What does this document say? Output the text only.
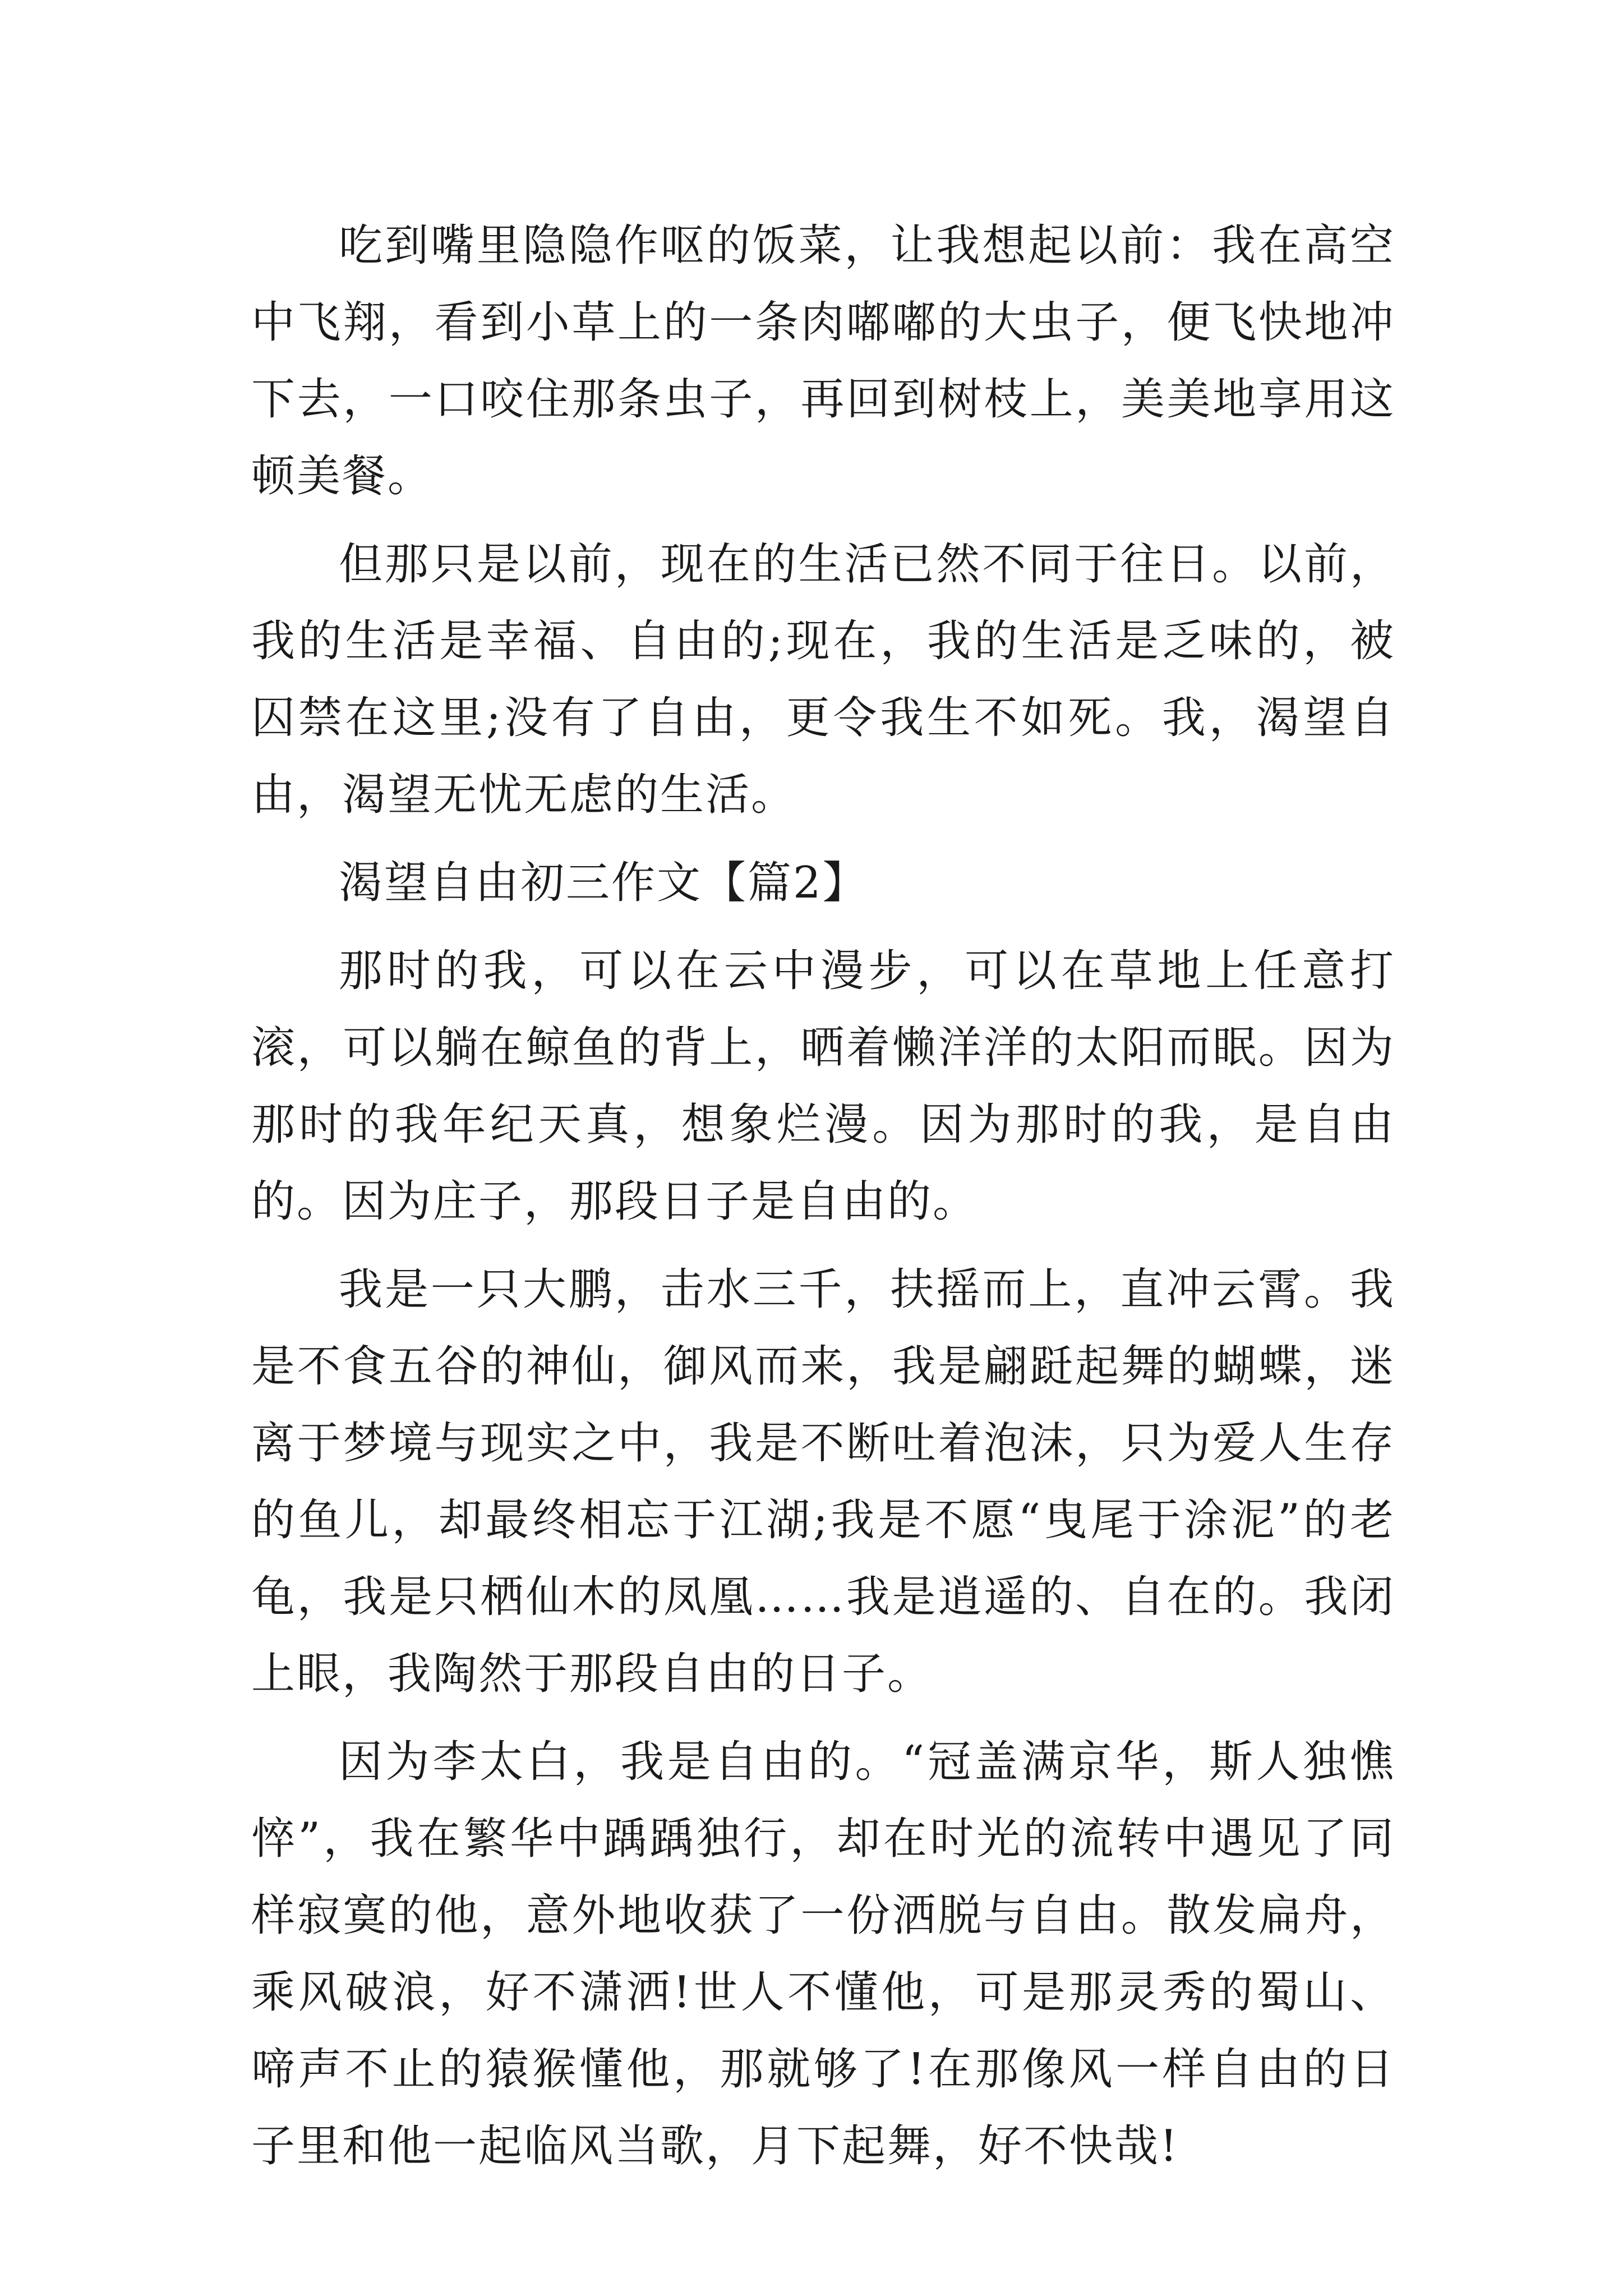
吃到嘴里隐隐作呕的饭菜，让我想起以前：我在高空中飞翔，看到小草上的一条肉嘟嘟的大虫子，便飞快地冲下去，一口咬住那条虫子，再回到树枝上，美美地享用这顿美餐。

但那只是以前，现在的生活已然不同于往日。以前，我的生活是幸福、自由的;现在，我的生活是乏味的，被囚禁在这里;没有了自由，更令我生不如死。我，渴望自由，渴望无忧无虑的生活。

渴望自由初三作文【篇2】

那时的我，可以在云中漫步，可以在草地上任意打滚，可以躺在鲸鱼的背上，晒着懒洋洋的太阳而眠。因为那时的我年纪天真，想象烂漫。因为那时的我，是自由的。因为庄子，那段日子是自由的。

我是一只大鹏，击水三千，扶摇而上，直冲云霄。我是不食五谷的神仙，御风而来，我是翩跹起舞的蝴蝶，迷离于梦境与现实之中，我是不断吐着泡沫，只为爱人生存的鱼儿，却最终相忘于江湖;我是不愿“曳尾于涂泥”的老龟，我是只栖仙木的凤凰……我是逍遥的、自在的。我闭上眼，我陶然于那段自由的日子。

因为李太白，我是自由的。“冠盖满京华，斯人独憔悴”，我在繁华中踽踽独行，却在时光的流转中遇见了同样寂寞的他，意外地收获了一份洒脱与自由。散发扁舟，乘风破浪，好不潇洒!世人不懂他，可是那灵秀的蜀山、啼声不止的猿猴懂他，那就够了!在那像风一样自由的日子里和他一起临风当歌，月下起舞，好不快哉!
